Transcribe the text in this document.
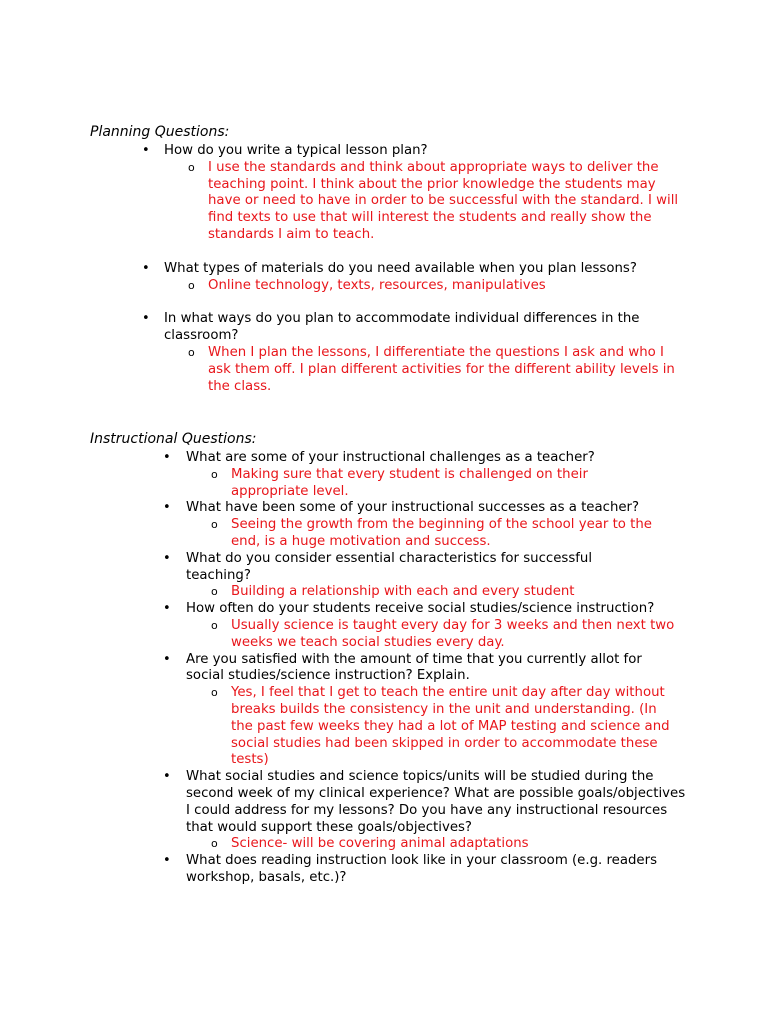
Planning Questions:
• How do you write a typical lesson plan?
o I use the standards and think about appropriate ways to deliver the teaching point. I think about the prior knowledge the students may have or need to have in order to be successful with the standard. I will find texts to use that will interest the students and really show the standards I aim to teach.
• What types of materials do you need available when you plan lessons?
o Online technology, texts, resources, manipulatives
• In what ways do you plan to accommodate individual differences in the classroom?
o When I plan the lessons, I differentiate the questions I ask and who I ask them off. I plan different activities for the different ability levels in the class.
Instructional Questions:
• What are some of your instructional challenges as a teacher?
o Making sure that every student is challenged on their appropriate level.
• What have been some of your instructional successes as a teacher?
o Seeing the growth from the beginning of the school year to the end, is a huge motivation and success.
• What do you consider essential characteristics for successful teaching?
o Building a relationship with each and every student
• How often do your students receive social studies/science instruction?
o Usually science is taught every day for 3 weeks and then next two weeks we teach social studies every day.
• Are you satisfied with the amount of time that you currently allot for social studies/science instruction? Explain.
o Yes, I feel that I get to teach the entire unit day after day without breaks builds the consistency in the unit and understanding. (In the past few weeks they had a lot of MAP testing and science and social studies had been skipped in order to accommodate these tests)
• What social studies and science topics/units will be studied during the second week of my clinical experience? What are possible goals/objectives I could address for my lessons? Do you have any instructional resources that would support these goals/objectives?
o Science- will be covering animal adaptations
• What does reading instruction look like in your classroom (e.g. readers workshop, basals, etc.)?
